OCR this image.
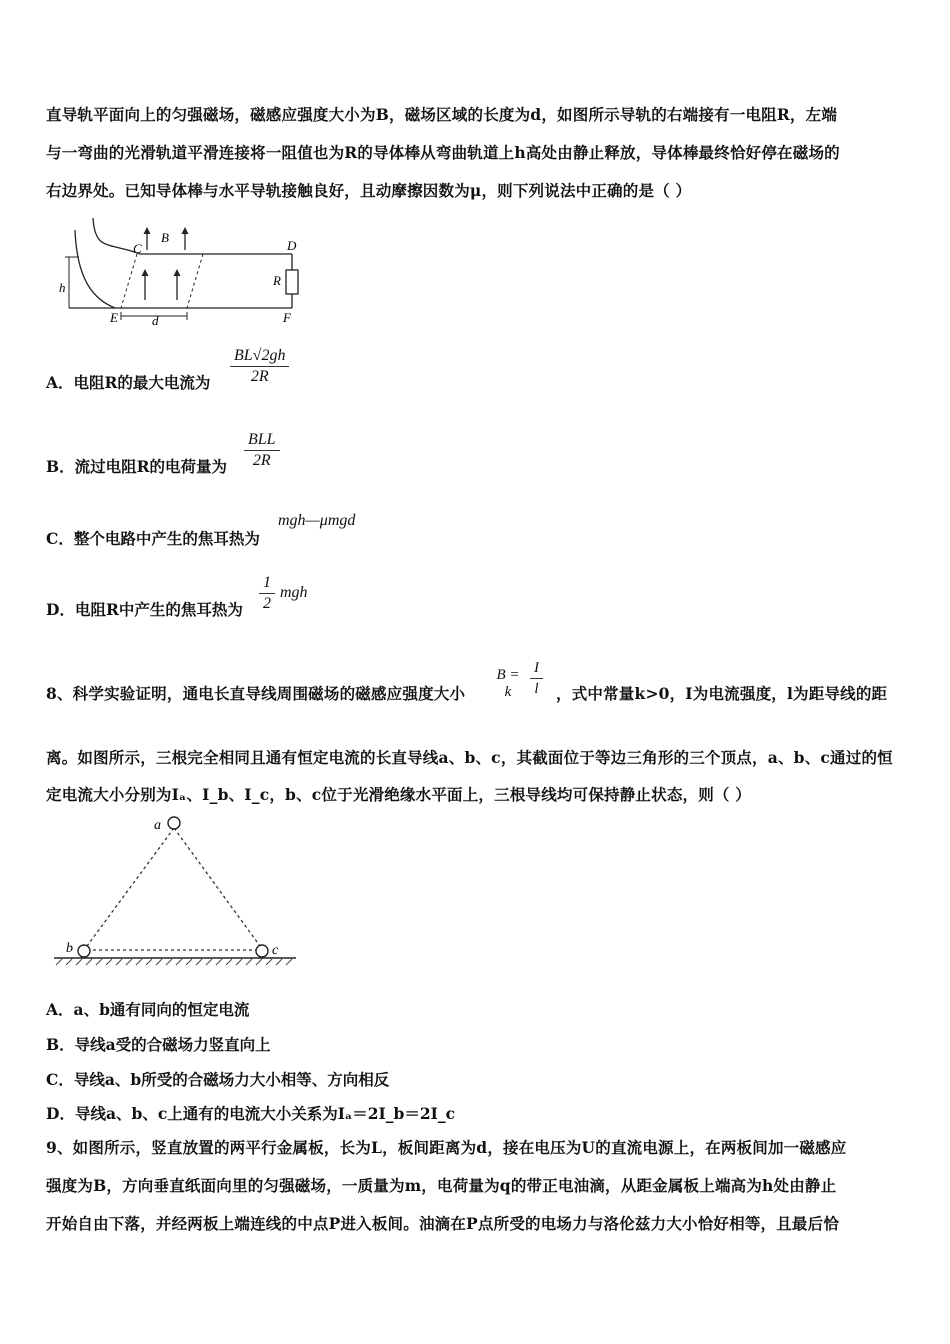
直导轨平面向上的匀强磁场，磁感应强度大小为B，磁场区域的长度为d，如图所示导轨的右端接有一电阻R，左端
与一弯曲的光滑轨道平滑连接将一阻值也为R的导体棒从弯曲轨道上h高处由静止释放，导体棒最终恰好停在磁场的
右边界处。已知导体棒与水平导轨接触良好，且动摩擦因数为μ，则下列说法中正确的是（ ）
C
B
D
R
h
E	d	F
A．电阻R的最大电流为 $\frac{BL√2gh}{2R}$
B．流过电阻R的电荷量为
BLL
2R
C．整个电路中产生的焦耳热为
mgh—μmgd
D．电阻R中产生的焦耳热为 $\frac{1}{2}$ mgh
8、科学实验证明，通电长直导线周围磁场的磁感应强度大小
B = k	$\frac{I}{l}$ ，式中常量k>0，I为电流强度，l为距导线的距
离。如图所示，三根完全相同且通有恒定电流的长直导线a、b、c，其截面位于等边三角形的三个顶点，a、b、c通过的恒
定电流大小分别为Iₐ、I_b、I_c，b、c位于光滑绝缘水平面上，三根导线均可保持静止状态，则（ ）
a
b	c
A．a、b通有同向的恒定电流
B．导线a受的合磁场力竖直向上
C．导线a、b所受的合磁场力大小相等、方向相反
D．导线a、b、c上通有的电流大小关系为Iₐ＝2I_b＝2I_c
9、如图所示，竖直放置的两平行金属板，长为L，板间距离为d，接在电压为U的直流电源上，在两板间加一磁感应
强度为B，方向垂直纸面向里的匀强磁场，一质量为m，电荷量为q的带正电油滴，从距金属板上端高为h处由静止
开始自由下落，并经两板上端连线的中点P进入板间。油滴在P点所受的电场力与洛伦兹力大小恰好相等，且最后恰
